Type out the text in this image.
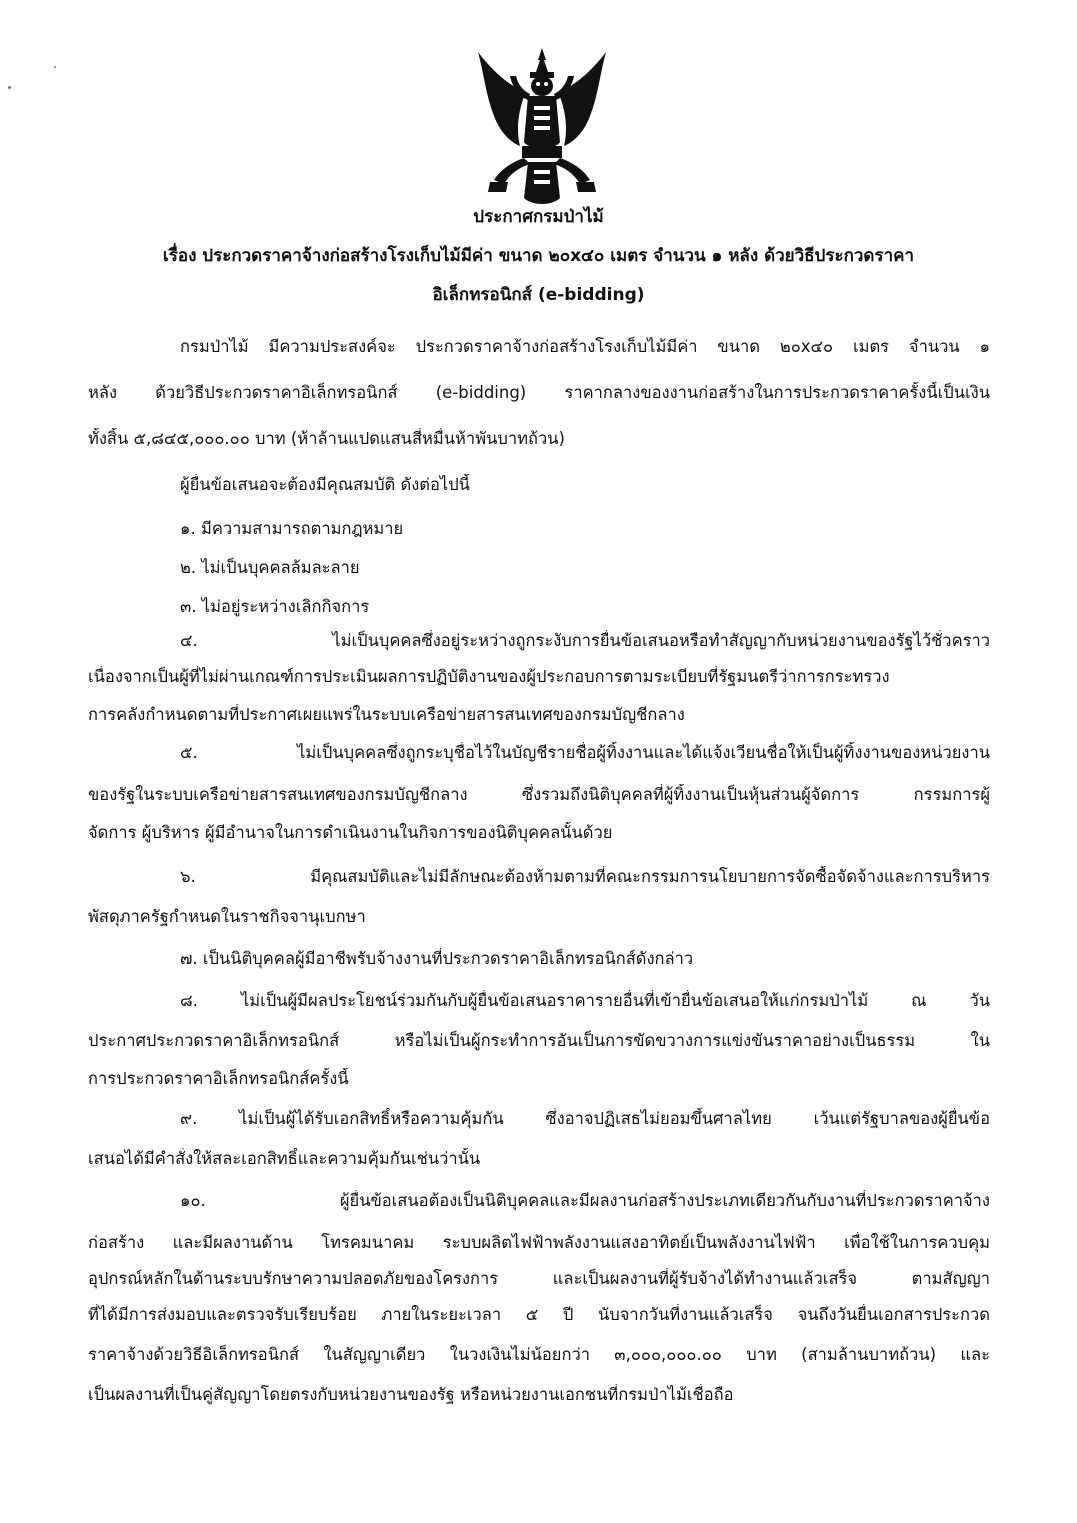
ประกาศกรมป่าไม้
เรื่อง ประกวดราคาจ้างก่อสร้างโรงเก็บไม้มีค่า ขนาด ๒๐x๔๐ เมตร จำนวน ๑ หลัง ด้วยวิธีประกวดราคา
อิเล็กทรอนิกส์ (e-bidding)
กรมป่าไม้ มีความประสงค์จะ ประกวดราคาจ้างก่อสร้างโรงเก็บไม้มีค่า ขนาด ๒๐x๔๐ เมตร จำนวน ๑
หลัง ด้วยวิธีประกวดราคาอิเล็กทรอนิกส์ (e-bidding) ราคากลางของงานก่อสร้างในการประกวดราคาครั้งนี้เป็นเงิน
ทั้งสิ้น ๕,๘๔๕,๐๐๐.๐๐ บาท (ห้าล้านแปดแสนสี่หมื่นห้าพันบาทถ้วน)
ผู้ยื่นข้อเสนอจะต้องมีคุณสมบัติ ดังต่อไปนี้
๑. มีความสามารถตามกฎหมาย
๒. ไม่เป็นบุคคลล้มละลาย
๓. ไม่อยู่ระหว่างเลิกกิจการ
๔. ไม่เป็นบุคคลซึ่งอยู่ระหว่างถูกระงับการยื่นข้อเสนอหรือทำสัญญากับหน่วยงานของรัฐไว้ชั่วคราว
เนื่องจากเป็นผู้ที่ไม่ผ่านเกณฑ์การประเมินผลการปฏิบัติงานของผู้ประกอบการตามระเบียบที่รัฐมนตรีว่าการกระทรวง
การคลังกำหนดตามที่ประกาศเผยแพร่ในระบบเครือข่ายสารสนเทศของกรมบัญชีกลาง
๕. ไม่เป็นบุคคลซึ่งถูกระบุชื่อไว้ในบัญชีรายชื่อผู้ทิ้งงานและได้แจ้งเวียนชื่อให้เป็นผู้ทิ้งงานของหน่วยงาน
ของรัฐในระบบเครือข่ายสารสนเทศของกรมบัญชีกลาง ซึ่งรวมถึงนิติบุคคลที่ผู้ทิ้งงานเป็นหุ้นส่วนผู้จัดการ กรรมการผู้
จัดการ ผู้บริหาร ผู้มีอำนาจในการดำเนินงานในกิจการของนิติบุคคลนั้นด้วย
๖. มีคุณสมบัติและไม่มีลักษณะต้องห้ามตามที่คณะกรรมการนโยบายการจัดซื้อจัดจ้างและการบริหาร
พัสดุภาครัฐกำหนดในราชกิจจานุเบกษา
๗. เป็นนิติบุคคลผู้มีอาชีพรับจ้างงานที่ประกวดราคาอิเล็กทรอนิกส์ดังกล่าว
๘. ไม่เป็นผู้มีผลประโยชน์ร่วมกันกับผู้ยื่นข้อเสนอราคารายอื่นที่เข้ายื่นข้อเสนอให้แก่กรมป่าไม้ ณ วัน
ประกาศประกวดราคาอิเล็กทรอนิกส์ หรือไม่เป็นผู้กระทำการอันเป็นการขัดขวางการแข่งขันราคาอย่างเป็นธรรม ใน
การประกวดราคาอิเล็กทรอนิกส์ครั้งนี้
๙. ไม่เป็นผู้ได้รับเอกสิทธิ์หรือความคุ้มกัน ซึ่งอาจปฏิเสธไม่ยอมขึ้นศาลไทย เว้นแต่รัฐบาลของผู้ยื่นข้อ
เสนอได้มีคำสั่งให้สละเอกสิทธิ์และความคุ้มกันเช่นว่านั้น
๑๐. ผู้ยื่นข้อเสนอต้องเป็นนิติบุคคลและมีผลงานก่อสร้างประเภทเดียวกันกับงานที่ประกวดราคาจ้าง
ก่อสร้าง และมีผลงานด้าน โทรคมนาคม ระบบผลิตไฟฟ้าพลังงานแสงอาทิตย์เป็นพลังงานไฟฟ้า เพื่อใช้ในการควบคุม
อุปกรณ์หลักในด้านระบบรักษาความปลอดภัยของโครงการ และเป็นผลงานที่ผู้รับจ้างได้ทำงานแล้วเสร็จ ตามสัญญา
ที่ได้มีการส่งมอบและตรวจรับเรียบร้อย ภายในระยะเวลา ๕ ปี นับจากวันที่งานแล้วเสร็จ จนถึงวันยื่นเอกสารประกวด
ราคาจ้างด้วยวิธีอิเล็กทรอนิกส์ ในสัญญาเดียว ในวงเงินไม่น้อยกว่า ๓,๐๐๐,๐๐๐.๐๐ บาท (สามล้านบาทถ้วน) และ
เป็นผลงานที่เป็นคู่สัญญาโดยตรงกับหน่วยงานของรัฐ หรือหน่วยงานเอกชนที่กรมป่าไม้เชื่อถือ
